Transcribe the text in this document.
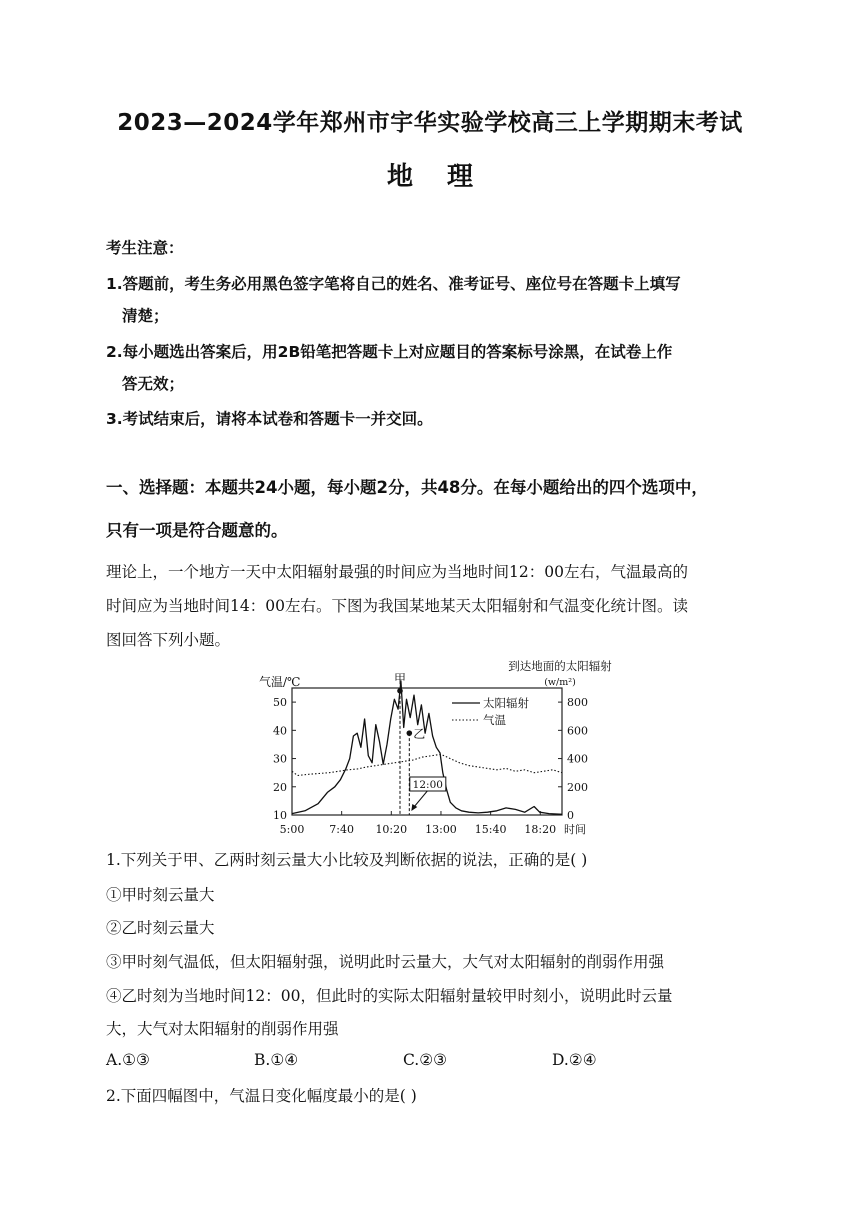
2023—2024学年郑州市宇华实验学校高三上学期期末考试
地理
考生注意：
1.答题前，考生务必用黑色签字笔将自己的姓名、准考证号、座位号在答题卡上填写
清楚；
2.每小题选出答案后，用2B铅笔把答题卡上对应题目的答案标号涂黑，在试卷上作
答无效；
3.考试结束后，请将本试卷和答题卡一并交回。
一、选择题：本题共24小题，每小题2分，共48分。在每小题给出的四个选项中，
只有一项是符合题意的。
理论上，一个地方一天中太阳辐射最强的时间应为当地时间12：00左右，气温最高的
时间应为当地时间14：00左右。下图为我国某地某天太阳辐射和气温变化统计图。读
图回答下列小题。
10
20
30
40
50
0
200
400
600
800
5:00 7:40 10:20 13:00 15:40 18:20 时间
气温/℃
到达地面的太阳辐射
(w/m²)
太阳辐射
气温
甲
乙
12:00
1.下列关于甲、乙两时刻云量大小比较及判断依据的说法，正确的是( )
①甲时刻云量大
②乙时刻云量大
③甲时刻气温低，但太阳辐射强，说明此时云量大，大气对太阳辐射的削弱作用强
④乙时刻为当地时间12：00，但此时的实际太阳辐射量较甲时刻小，说明此时云量
大，大气对太阳辐射的削弱作用强
A.①③	B.①④	C.②③	D.②④
2.下面四幅图中，气温日变化幅度最小的是( )
